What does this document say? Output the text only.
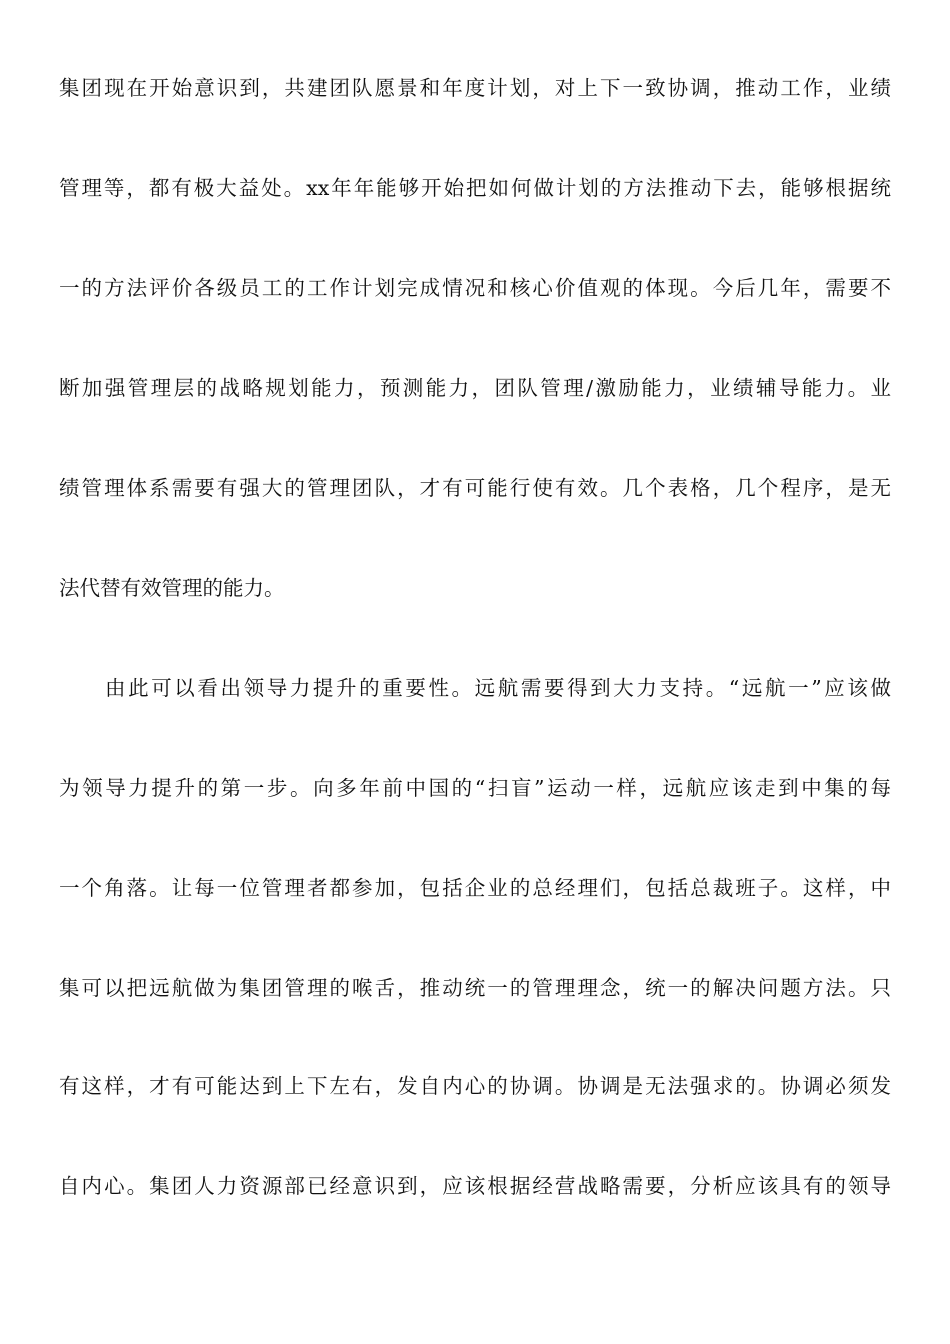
集团现在开始意识到，共建团队愿景和年度计划，对上下一致协调，推动工作，业绩
管理等，都有极大益处。xx年年能够开始把如何做计划的方法推动下去，能够根据统
一的方法评价各级员工的工作计划完成情况和核心价值观的体现。今后几年，需要不
断加强管理层的战略规划能力，预测能力，团队管理/激励能力，业绩辅导能力。业
绩管理体系需要有强大的管理团队，才有可能行使有效。几个表格，几个程序，是无
法代替有效管理的能力。
由此可以看出领导力提升的重要性。远航需要得到大力支持。“远航一”应该做
为领导力提升的第一步。向多年前中国的“扫盲”运动一样，远航应该走到中集的每
一个角落。让每一位管理者都参加，包括企业的总经理们，包括总裁班子。这样，中
集可以把远航做为集团管理的喉舌，推动统一的管理理念，统一的解决问题方法。只
有这样，才有可能达到上下左右，发自内心的协调。协调是无法强求的。协调必须发
自内心。集团人力资源部已经意识到，应该根据经营战略需要，分析应该具有的领导
